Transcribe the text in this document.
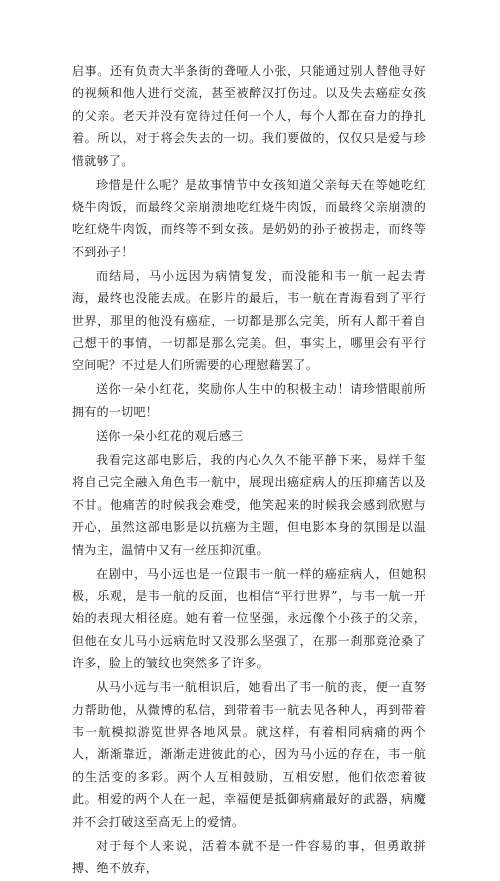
启事。还有负责大半条街的聋哑人小张，只能通过别人替他寻好的视频和他人进行交流，甚至被醉汉打伤过。以及失去癌症女孩的父亲。老天并没有宽待过任何一个人，每个人都在奋力的挣扎着。所以，对于将会失去的一切。我们要做的，仅仅只是爱与珍惜就够了。

珍惜是什么呢？是故事情节中女孩知道父亲每天在等她吃红烧牛肉饭，而最终父亲崩溃地吃红烧牛肉饭，而最终父亲崩溃的吃红烧牛肉饭，而终等不到女孩。是奶奶的孙子被拐走，而终等不到孙子！

而结局，马小远因为病情复发，而没能和韦一航一起去青海，最终也没能去成。在影片的最后，韦一航在青海看到了平行世界，那里的他没有癌症，一切都是那么完美，所有人都干着自己想干的事情，一切都是那么完美。但，事实上，哪里会有平行空间呢？不过是人们所需要的心理慰藉罢了。

送你一朵小红花，奖励你人生中的积极主动！请珍惜眼前所拥有的一切吧！

送你一朵小红花的观后感三

我看完这部电影后，我的内心久久不能平静下来，易烊千玺将自己完全融入角色韦一航中，展现出癌症病人的压抑痛苦以及不甘。他痛苦的时候我会难受，他笑起来的时候我会感到欣慰与开心，虽然这部电影是以抗癌为主题，但电影本身的氛围是以温情为主，温情中又有一丝压抑沉重。

在剧中，马小远也是一位跟韦一航一样的癌症病人，但她积极，乐观，是韦一航的反面，也相信“平行世界”，与韦一航一开始的表现大相径庭。她有着一位坚强，永远像个小孩子的父亲，但他在女儿马小远病危时又没那么坚强了，在那一刹那竟沧桑了许多，脸上的皱纹也突然多了许多。

从马小远与韦一航相识后，她看出了韦一航的丧，便一直努力帮助他，从微博的私信，到带着韦一航去见各种人，再到带着韦一航模拟游览世界各地风景。就这样，有着相同病痛的两个人，渐渐靠近，渐渐走进彼此的心，因为马小远的存在，韦一航的生活变的多彩。两个人互相鼓励，互相安慰，他们依恋着彼此。相爱的两个人在一起，幸福便是抵御病痛最好的武器，病魔并不会打破这至高无上的爱情。

对于每个人来说，活着本就不是一件容易的事，但勇敢拼搏、绝不放弃，
